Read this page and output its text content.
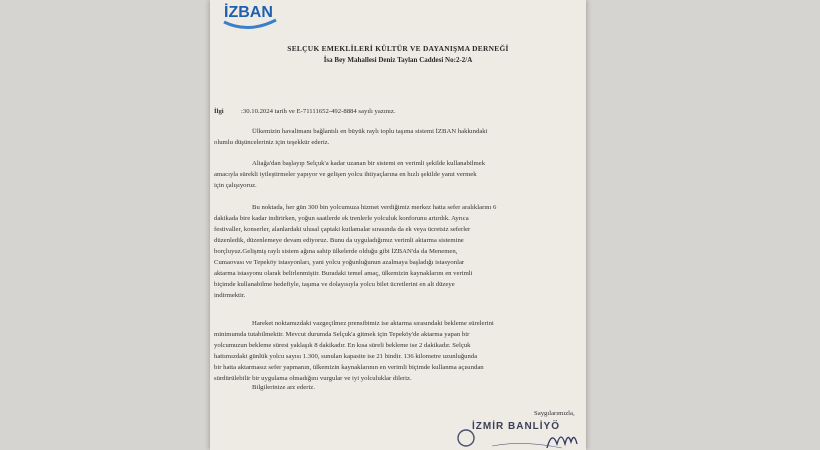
İZBAN
SELÇUK EMEKLİLERİ KÜLTÜR VE DAYANIŞMA DERNEĞİ
İsa Bey Mahallesi Deniz Taylan Caddesi No:2-2/A
İlgi	:30.10.2024 tarih ve E-71111652-492-8884 sayılı yazınız.
Ülkemizin havalimanı bağlantılı en büyük raylı toplu taşıma sistemi İZBAN hakkındaki
olumlu düşünceleriniz için teşekkür ederiz.
Aliağa'dan başlayıp Selçuk'a kadar uzanan bir sistemi en verimli şekilde kullanabilmek
amacıyla sürekli iyileştirmeler yapıyor ve gelişen yolcu ihtiyaçlarına en hızlı şekilde yanıt vermek
için çalışıyoruz.
Bu noktada, her gün 300 bin yolcumuza hizmet verdiğimiz merkez hatta sefer aralıklarını 6
dakikada bire kadar indirirken, yoğun saatlerde ek trenlerle yolculuk konforunu artırdık. Ayrıca
festivaller, konserler, alanlardaki ulusal çaptaki kutlamalar sırasında da ek veya ücretsiz seferler
düzenledik, düzenlemeye devam ediyoruz. Bunu da uyguladığımız verimli aktarma sistemine
borçluyuz.Gelişmiş raylı sistem ağına sahip ülkelerde olduğu gibi İZBAN'da da Menemen,
Cumaovası ve Tepeköy istasyonları, yani yolcu yoğunluğunun azalmaya başladığı istasyonlar
aktarma istasyonu olarak belirlenmiştir. Buradaki temel amaç, ülkemizin kaynaklarını en verimli
biçimde kullanabilme hedefiyle, taşıma ve dolayısıyla yolcu bilet ücretlerini en alt düzeye
indirmektir.
Hareket noktamızdaki vazgeçilmez prensibimiz ise aktarma sırasındaki bekleme sürelerini
minimumda tutabilmektir. Mevcut durumda Selçuk'a gitmek için Tepeköy'de aktarma yapan bir
yolcumuzun bekleme süresi yaklaşık 8 dakikadır. En kısa süreli bekleme ise 2 dakikadır. Selçuk
hattımızdaki günlük yolcu sayısı 1.300, sunulan kapasite ise 21 bindir. 136 kilometre uzunluğunda
bir hatta aktarmasız sefer yapmanın, ülkemizin kaynaklarının en verimli biçimde kullanma açısından
sürdürülebilir bir uygulama olmadığını vurgular ve iyi yolculuklar dileriz.
Bilgilerinize arz ederiz.
Saygılarımızla,
İZMİR BANLİYÖ
